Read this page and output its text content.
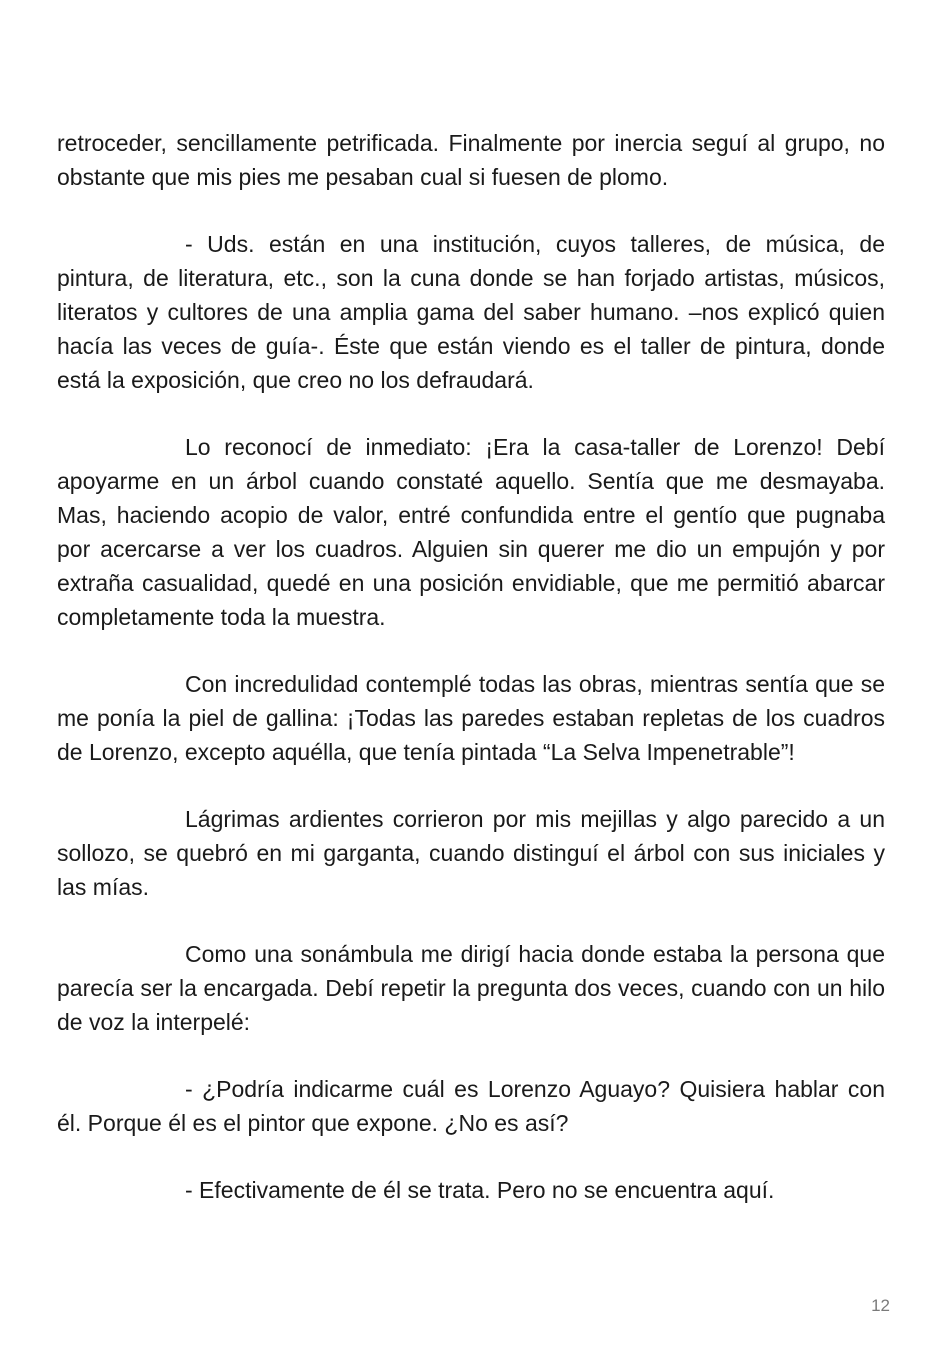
retroceder, sencillamente petrificada. Finalmente por inercia seguí al grupo, no obstante que mis pies me pesaban cual si fuesen de plomo.

- Uds. están en una institución, cuyos talleres, de música, de pintura, de literatura, etc., son la cuna donde se han forjado artistas, músicos, literatos y cultores de una amplia gama del saber humano. –nos explicó quien hacía las veces de guía-. Éste que están viendo es el taller de pintura, donde está la exposición, que creo no los defraudará.

Lo reconocí de inmediato: ¡Era la casa-taller de Lorenzo! Debí apoyarme en un árbol cuando constaté aquello. Sentía que me desmayaba. Mas, haciendo acopio de valor, entré confundida entre el gentío que pugnaba por acercarse a ver los cuadros. Alguien sin querer me dio un empujón y por extraña casualidad, quedé en una posición envidiable, que me permitió abarcar completamente toda la muestra.

Con incredulidad contemplé todas las obras, mientras sentía que se me ponía la piel de gallina: ¡Todas las paredes estaban repletas de los cuadros de Lorenzo, excepto aquélla, que tenía pintada “La Selva Impenetrable”!

Lágrimas ardientes corrieron por mis mejillas y algo parecido a un sollozo, se quebró en mi garganta, cuando distinguí el árbol con sus iniciales y las mías.

Como una sonámbula me dirigí hacia donde estaba la persona que parecía ser la encargada. Debí repetir la pregunta dos veces, cuando con un hilo de voz la interpelé:

- ¿Podría indicarme cuál es Lorenzo Aguayo? Quisiera hablar con él. Porque él es el pintor que expone. ¿No es así?

- Efectivamente de él se trata. Pero no se encuentra aquí.

12
